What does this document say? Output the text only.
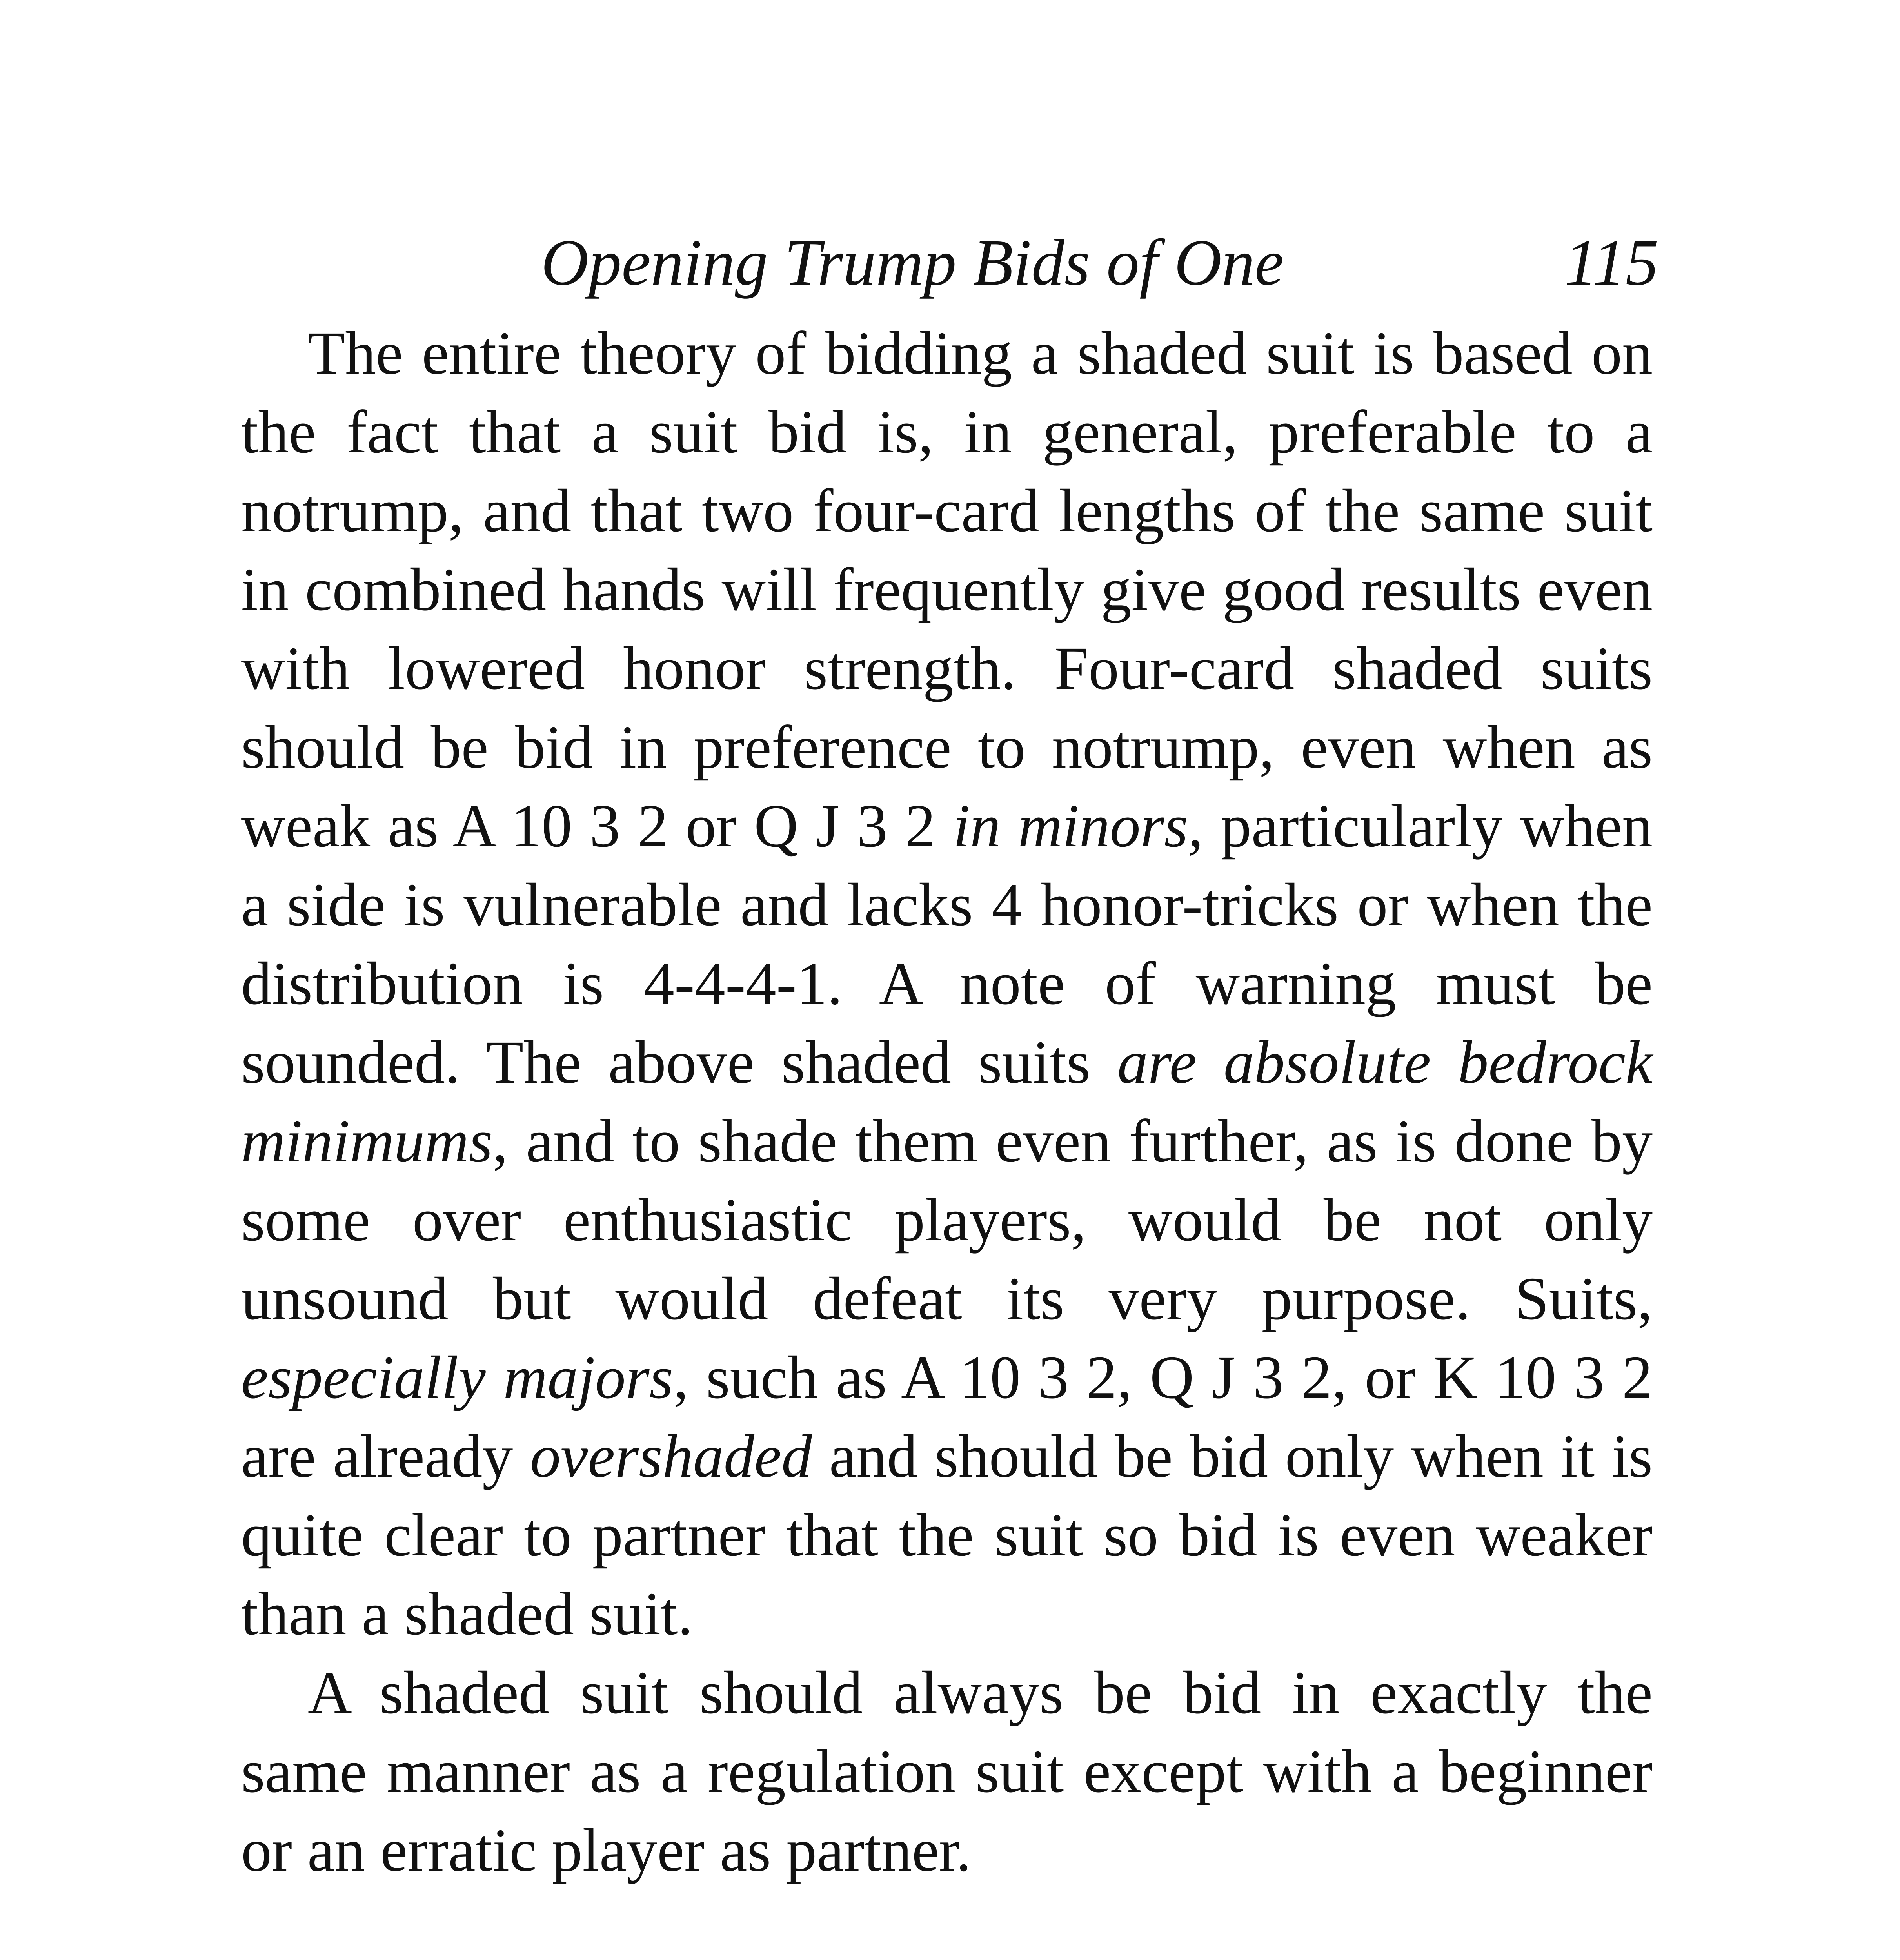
Opening Trump Bids of One	115

The entire theory of bidding a shaded suit is based on the fact that a suit bid is, in general, preferable to a notrump, and that two four-card lengths of the same suit in combined hands will frequently give good results even with lowered honor strength. Four-card shaded suits should be bid in preference to notrump, even when as weak as A 10 3 2 or Q J 3 2 in minors, particularly when a side is vulnerable and lacks 4 honor-tricks or when the distribution is 4-4-4-1. A note of warning must be sounded. The above shaded suits are absolute bedrock minimums, and to shade them even further, as is done by some over enthusiastic players, would be not only unsound but would defeat its very purpose. Suits, especially majors, such as A 10 3 2, Q J 3 2, or K 10 3 2 are already overshaded and should be bid only when it is quite clear to partner that the suit so bid is even weaker than a shaded suit.

A shaded suit should always be bid in exactly the same manner as a regulation suit except with a beginner or an erratic player as partner.
